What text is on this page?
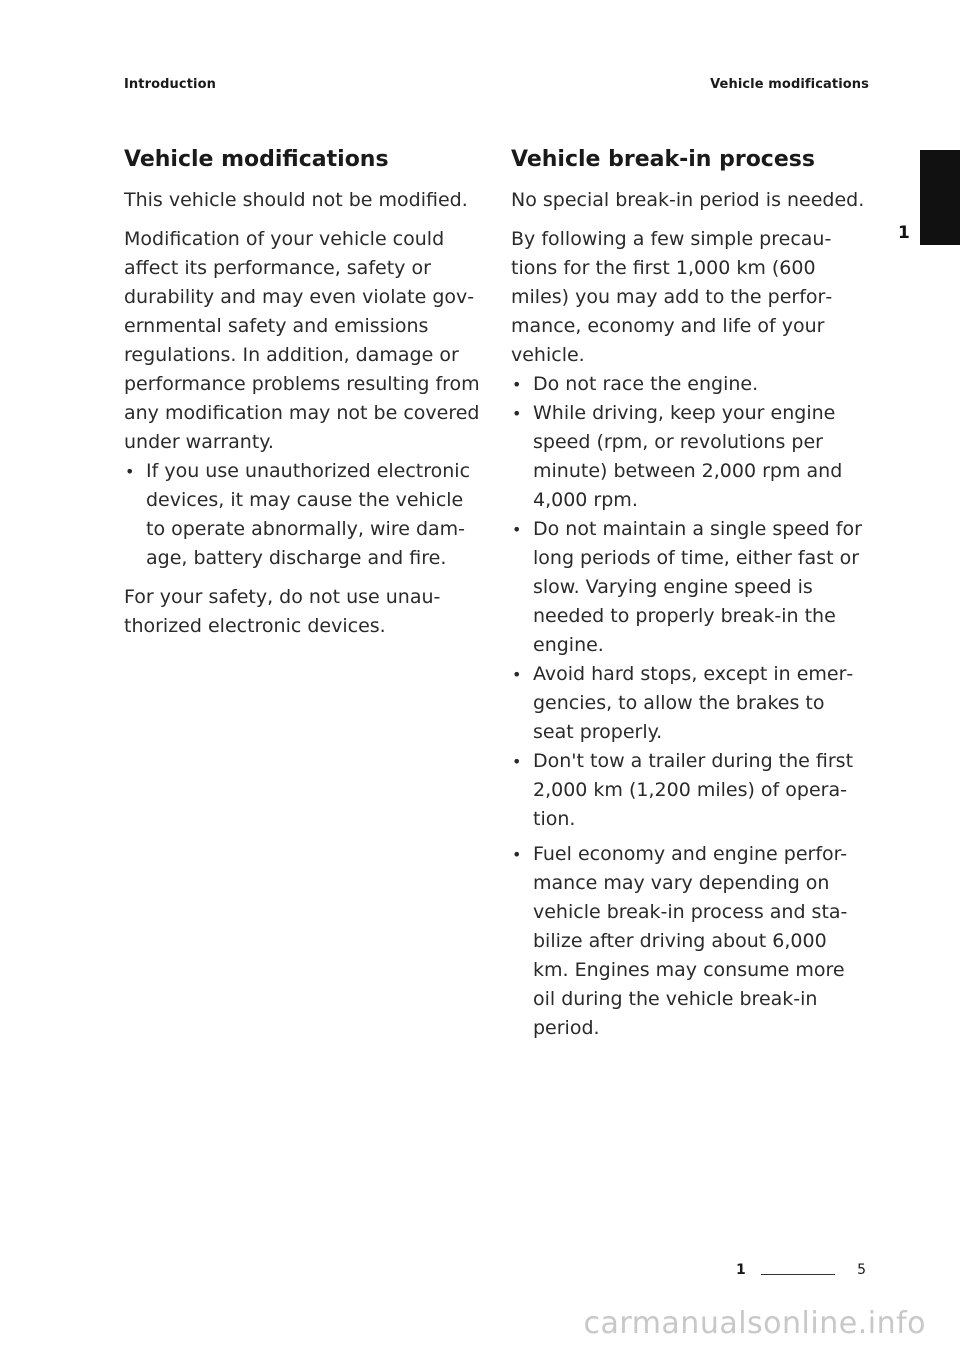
Introduction	Vehicle modifications
1
Vehicle modifications

This vehicle should not be modified.

Modification of your vehicle could affect its performance, safety or durability and may even violate gov ernmental safety and emissions regulations. In addition, damage or performance problems resulting from any modification may not be covered under warranty.

• If you use unauthorized electronic devices, it may cause the vehicle to operate abnormally, wire dam- age, battery discharge and fire.

For your safety, do not use unau thorized electronic devices.

Vehicle break-in process

No special break-in period is needed.

By following a few simple precau tions for the first 1,000 km (600 miles) you may add to the perfor mance, economy and life of your vehicle.

• Do not race the engine.
• While driving, keep your engine speed (rpm, or revolutions per minute) between 2,000 rpm and 4,000 rpm.
• Do not maintain a single speed for long periods of time, either fast or slow. Varying engine speed is needed to properly break-in the engine.
• Avoid hard stops, except in emer gencies, to allow the brakes to seat properly.
• Don't tow a trailer during the first 2,000 km (1,200 miles) of opera tion.
• Fuel economy and engine perfor- mance may vary depending on vehicle break-in process and sta- bilize after driving about 6,000 km. Engines may consume more oil during the vehicle break-in period.
1	5
carmanualsonline.info
